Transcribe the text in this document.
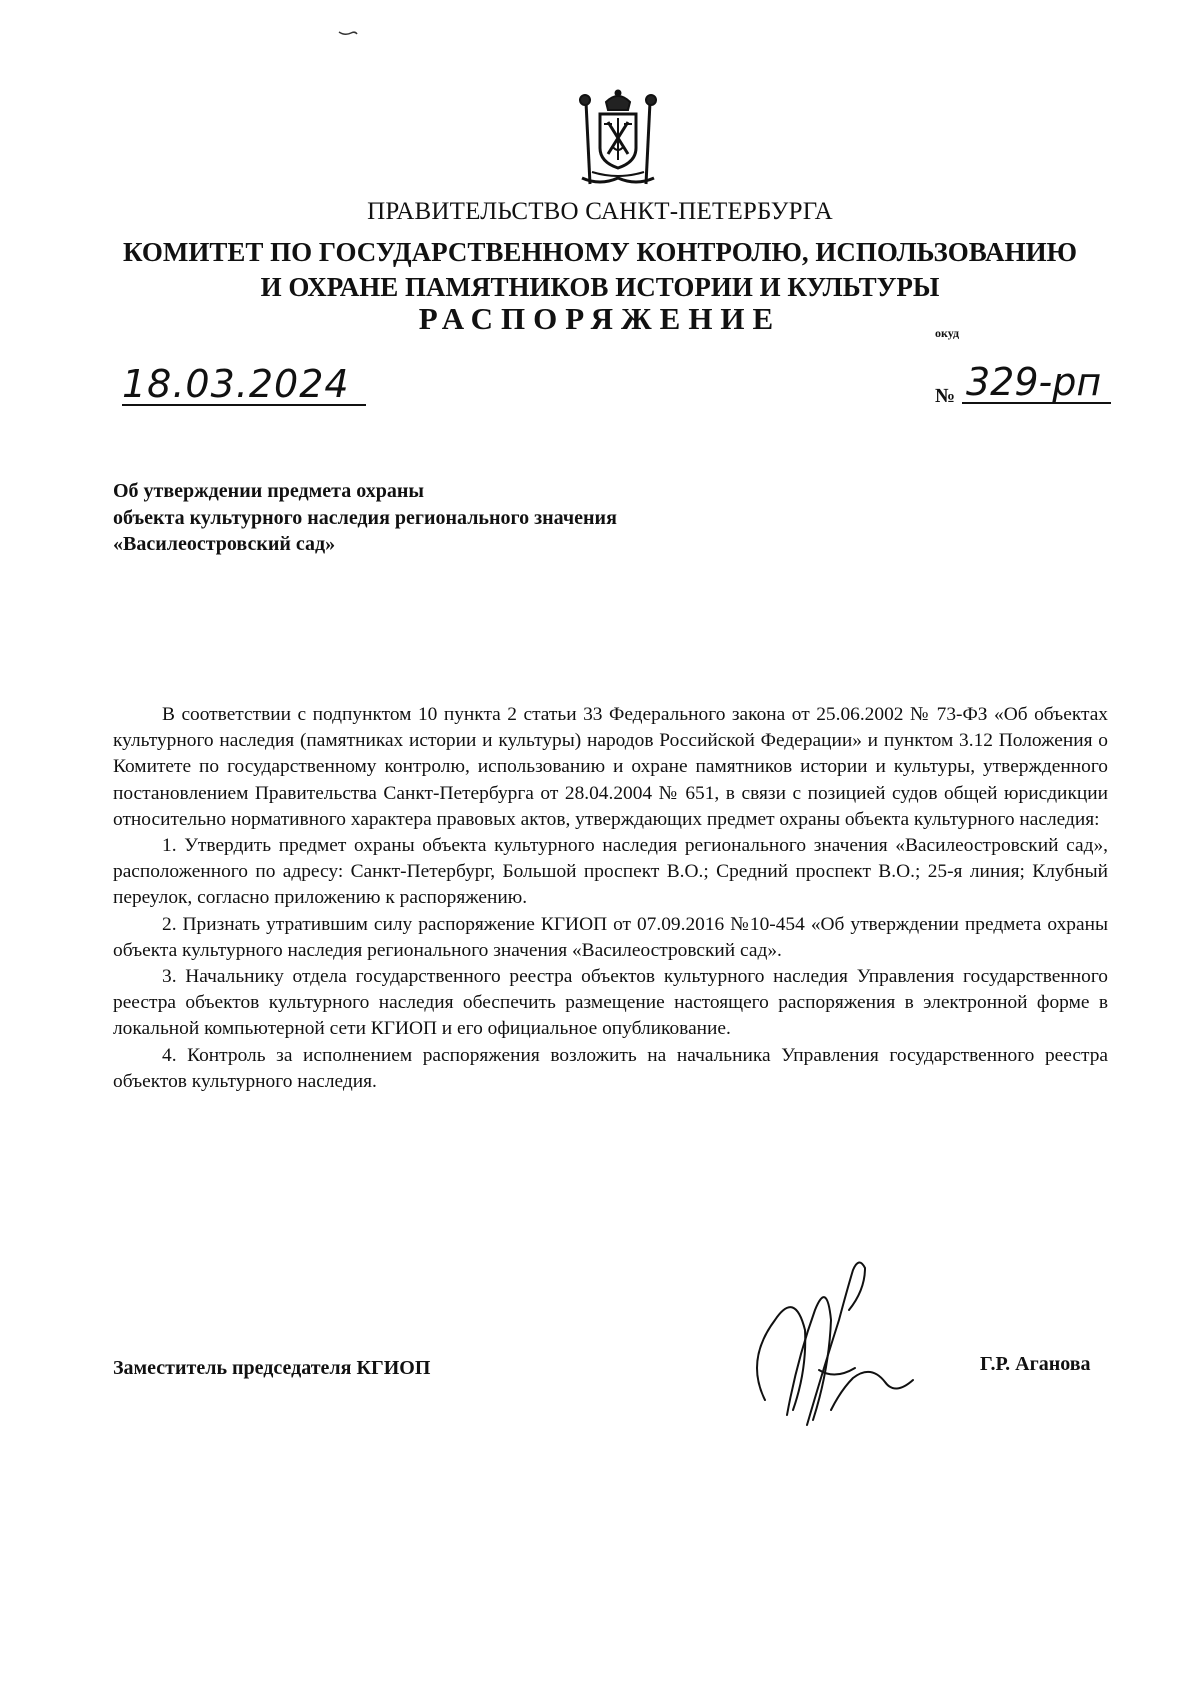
ПРАВИТЕЛЬСТВО САНКТ-ПЕТЕРБУРГА
КОМИТЕТ ПО ГОСУДАРСТВЕННОМУ КОНТРОЛЮ, ИСПОЛЬЗОВАНИЮ
И ОХРАНЕ ПАМЯТНИКОВ ИСТОРИИ И КУЛЬТУРЫ
РАСПОРЯЖЕНИЕ	окуд
18.03.2024	№ 329-рп
Об утверждении предмета охраны
объекта культурного наследия регионального значения
«Василеостровский сад»

В соответствии с подпунктом 10 пункта 2 статьи 33 Федерального закона от 25.06.2002 № 73-ФЗ «Об объектах культурного наследия (памятниках истории и культуры) народов Российской Федерации» и пунктом 3.12 Положения о Комитете по государственному контролю, использованию и охране памятников истории и культуры, утвержденного постановлением Правительства Санкт-Петербурга от 28.04.2004 № 651, в связи с позицией судов общей юрисдикции относительно нормативного характера правовых актов, утверждающих предмет охраны объекта культурного наследия:

1. Утвердить предмет охраны объекта культурного наследия регионального значения «Василеостровский сад», расположенного по адресу: Санкт-Петербург, Большой проспект В.О.; Средний проспект В.О.; 25-я линия; Клубный переулок, согласно приложению к распоряжению.

2. Признать утратившим силу распоряжение КГИОП от 07.09.2016 №10-454 «Об утверждении предмета охраны объекта культурного наследия регионального значения «Василеостровский сад».

3. Начальнику отдела государственного реестра объектов культурного наследия Управления государственного реестра объектов культурного наследия обеспечить размещение настоящего распоряжения в электронной форме в локальной компьютерной сети КГИОП и его официальное опубликование.

4. Контроль за исполнением распоряжения возложить на начальника Управления государственного реестра объектов культурного наследия.

Заместитель председателя КГИОП	Г.Р. Аганова
